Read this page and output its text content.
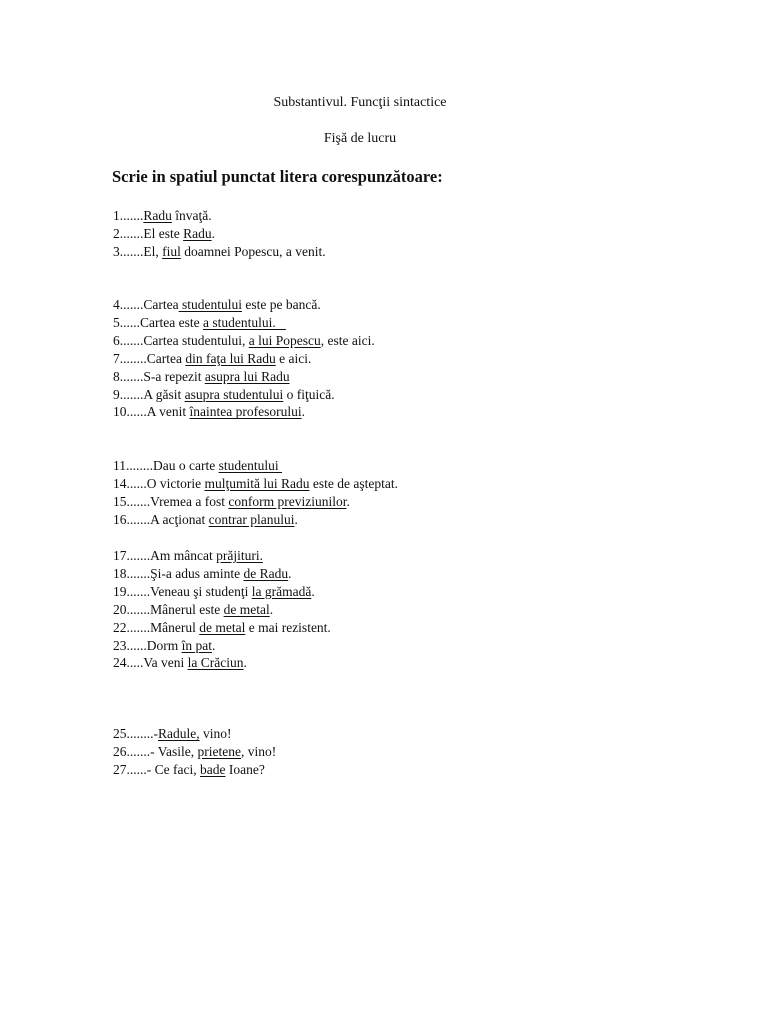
Substantivul. Funcţii sintactice
Fişă de lucru

Scrie in spatiul punctat litera corespunzătoare:

1.......Radu învaţă.
2.......El este Radu.
3.......El, fiul doamnei Popescu, a venit.
4.......Cartea studentului este pe bancă.
5......Cartea este a studentului.
6.......Cartea studentului, a lui Popescu, este aici.
7........Cartea din faţa lui Radu e aici.
8.......S-a repezit asupra lui Radu
9.......A găsit asupra studentului o fiţuică.
10......A venit înaintea profesorului.
11........Dau o carte studentului
14......O victorie mulţumită lui Radu este de aşteptat.
15.......Vremea a fost conform previziunilor.
16.......A acţionat contrar planului.
17.......Am mâncat prăjituri.
18.......Şi-a adus aminte de Radu.
19.......Veneau şi studenţi la grămadă.
20.......Mânerul este de metal.
22.......Mânerul de metal e mai rezistent.
23......Dorm în pat.
24.....Va veni la Crăciun.
25........-Radule, vino!
26.......- Vasile, prietene, vino!
27......- Ce faci, bade Ioane?
